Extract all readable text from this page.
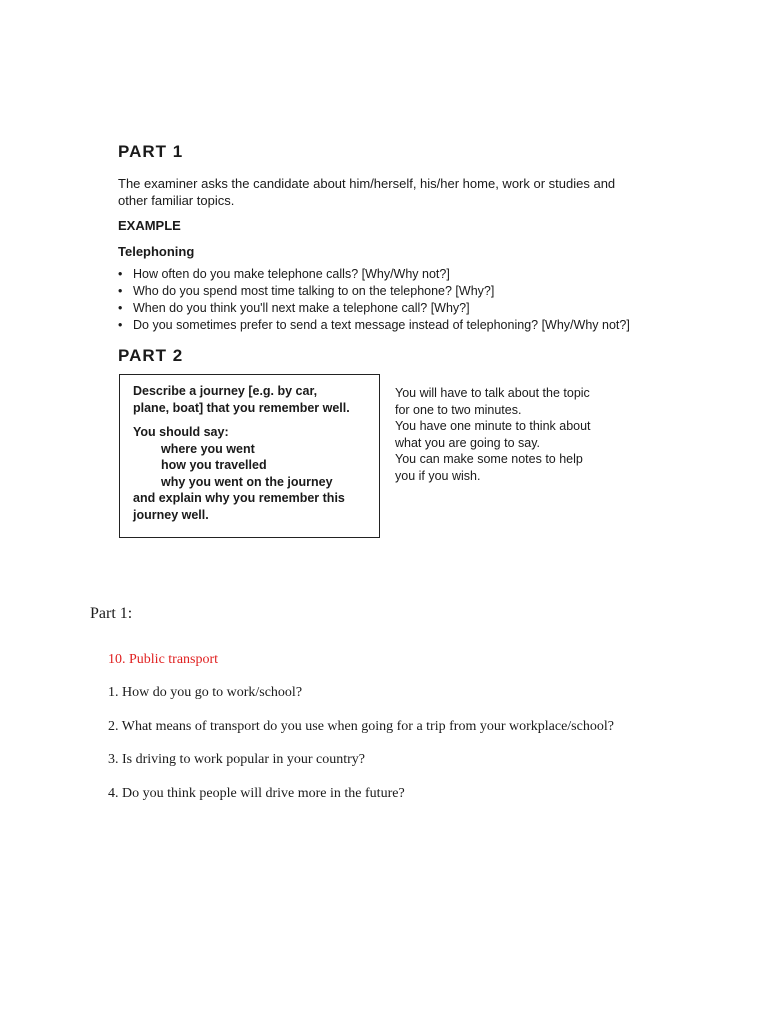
PART 1
The examiner asks the candidate about him/herself, his/her home, work or studies and other familiar topics.
EXAMPLE
Telephoning
• How often do you make telephone calls? [Why/Why not?]
• Who do you spend most time talking to on the telephone? [Why?]
• When do you think you'll next make a telephone call? [Why?]
• Do you sometimes prefer to send a text message instead of telephoning? [Why/Why not?]
PART 2
Describe a journey [e.g. by car,
plane, boat] that you remember well.
You should say:
where you went
how you travelled
why you went on the journey
and explain why you remember this
journey well.
You will have to talk about the topic
for one to two minutes.
You have one minute to think about
what you are going to say.
You can make some notes to help
you if you wish.
Part 1:
10. Public transport
1. How do you go to work/school?
2. What means of transport do you use when going for a trip from your workplace/school?
3. Is driving to work popular in your country?
4. Do you think people will drive more in the future?
